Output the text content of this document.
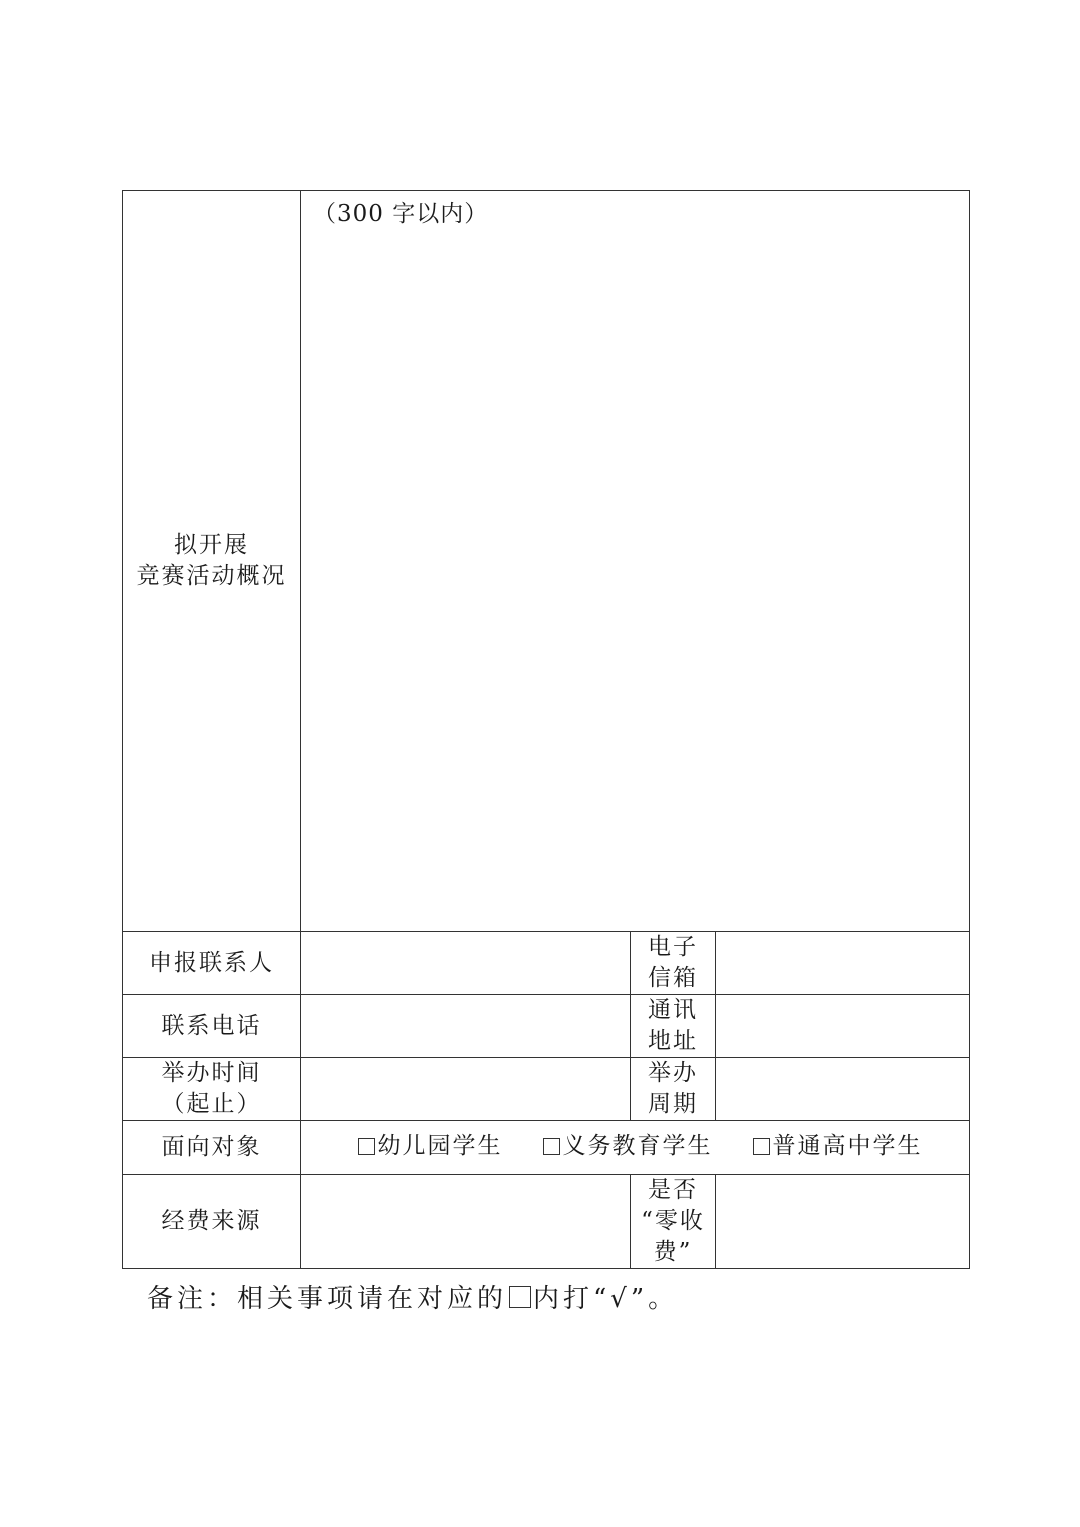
拟开展
竞赛活动概况	（300 字以内）		
申报联系人		电子
信箱	

联系电话		通讯
地址	

举办时间
（起止）		举办
周期	

面向对象	幼儿园学生 义务教育学生 普通高中学生		

经费来源		是否
“零收
费”	

备注：相关事项请在对应的 内打“√”。
